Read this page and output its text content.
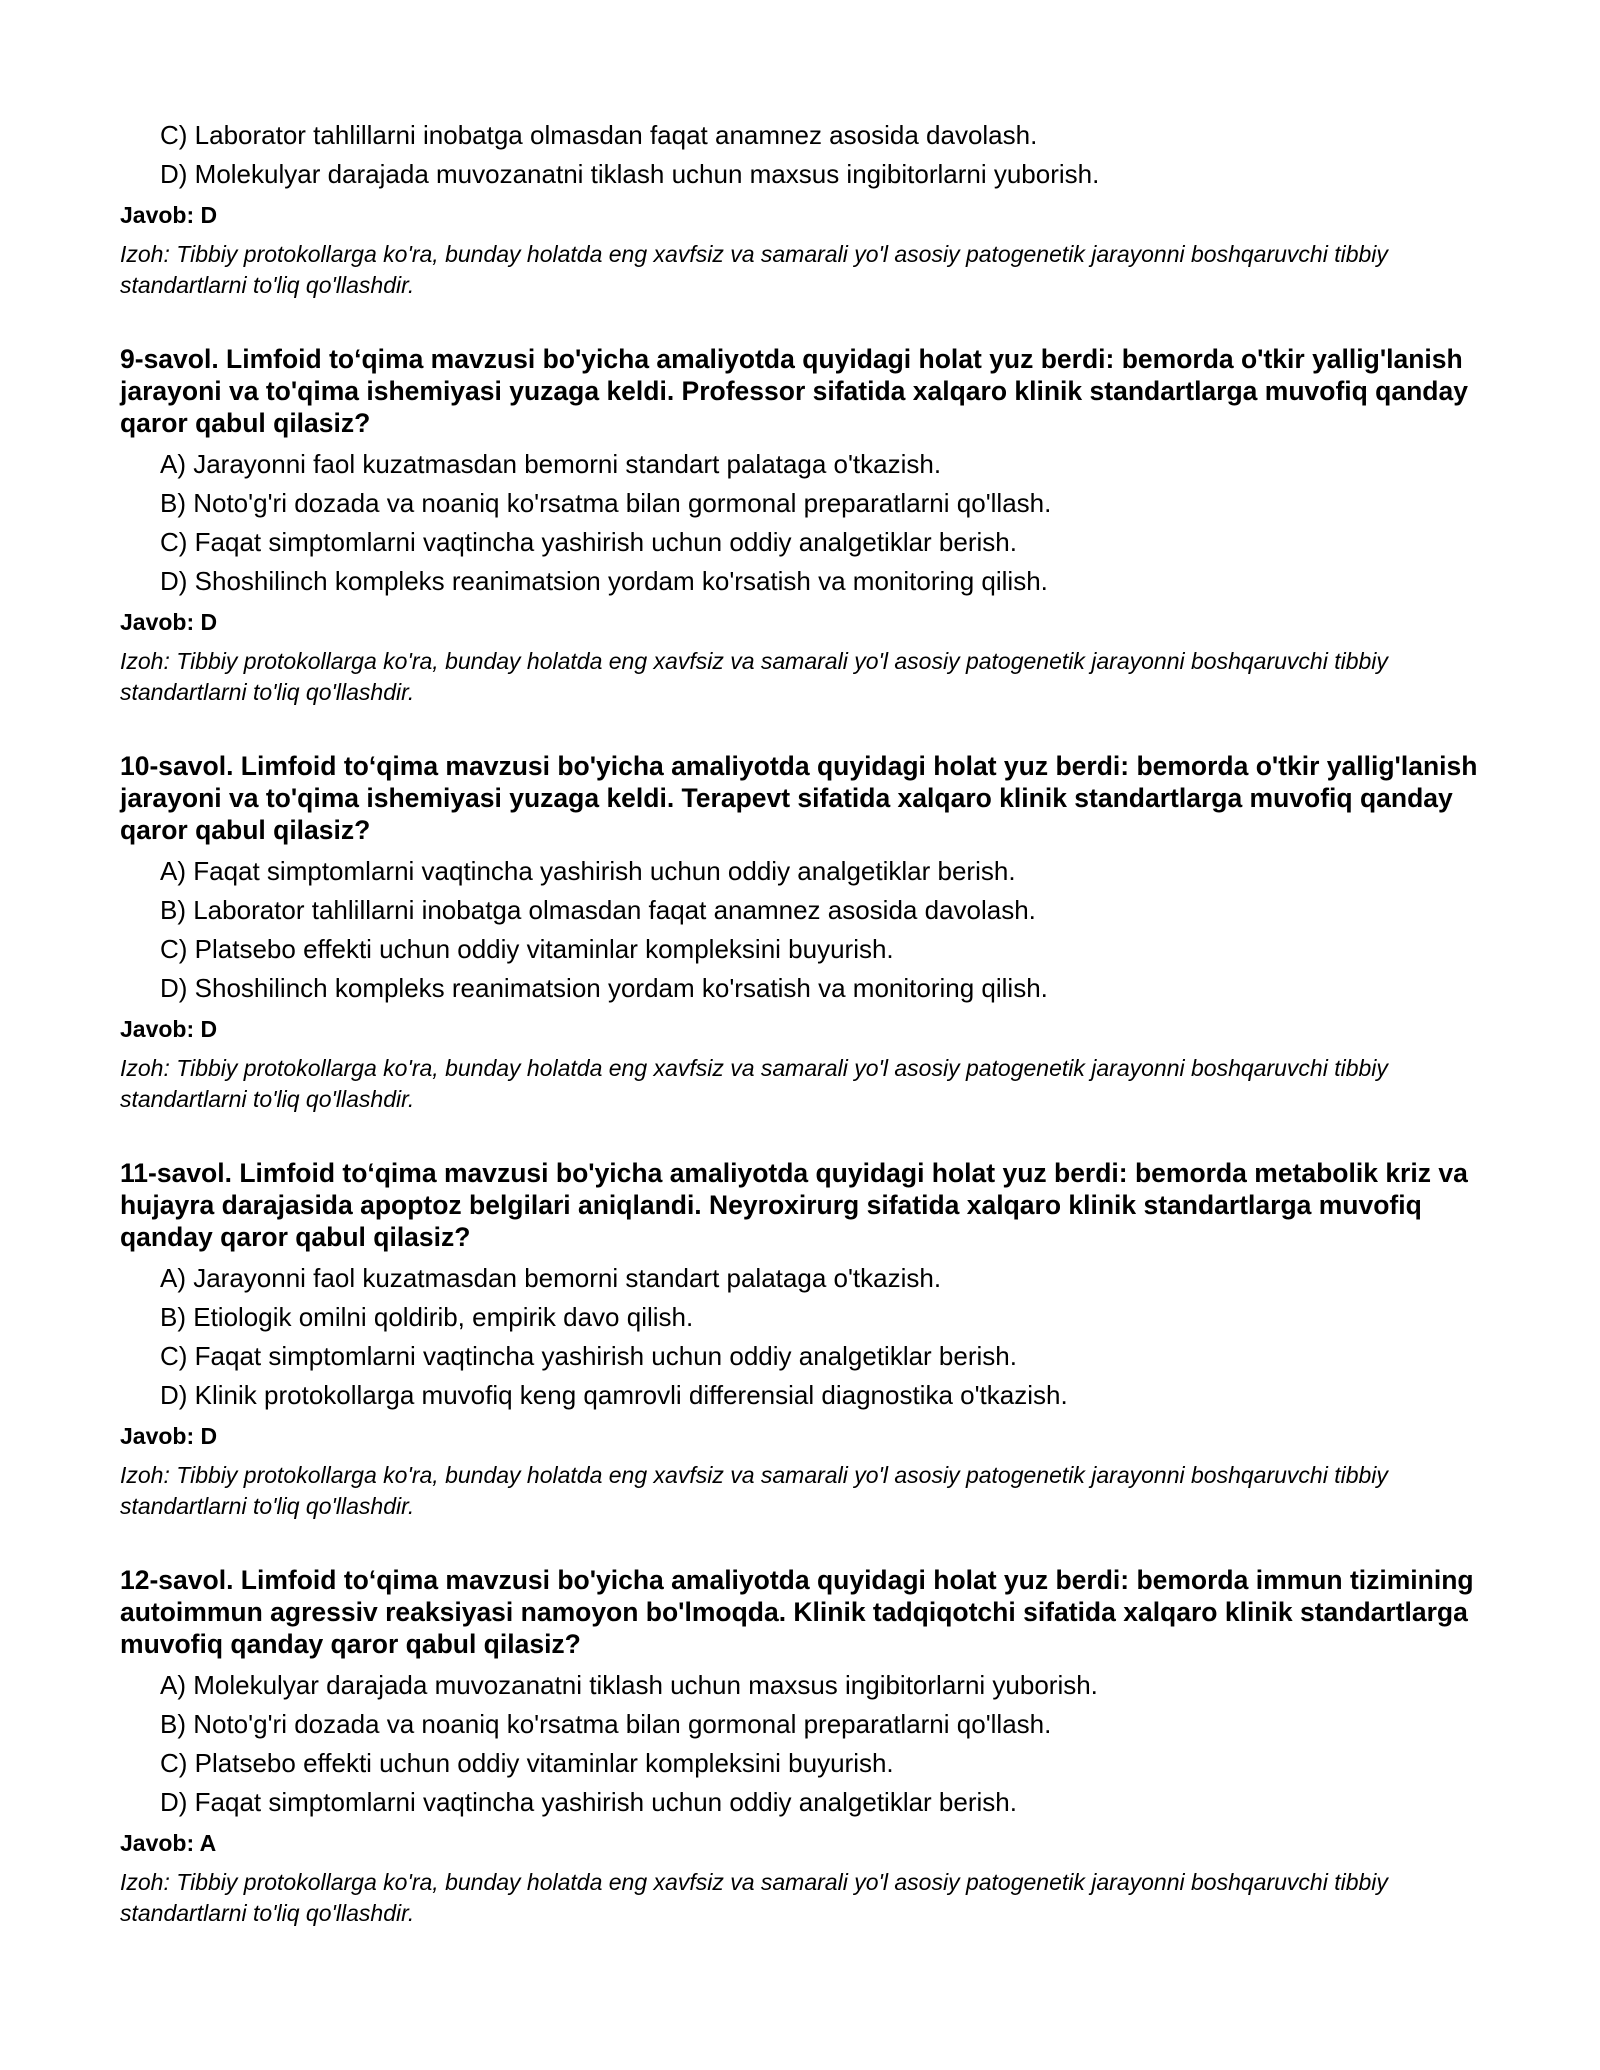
C) Laborator tahlillarni inobatga olmasdan faqat anamnez asosida davolash.
D) Molekulyar darajada muvozanatni tiklash uchun maxsus ingibitorlarni yuborish.
Javob: D
Izoh: Tibbiy protokollarga ko'ra, bunday holatda eng xavfsiz va samarali yo'l asosiy patogenetik jarayonni boshqaruvchi tibbiy standartlarni to'liq qo'llashdir.
9-savol. Limfoid to‘qima mavzusi bo'yicha amaliyotda quyidagi holat yuz berdi: bemorda o'tkir yallig'lanish jarayoni va to'qima ishemiyasi yuzaga keldi. Professor sifatida xalqaro klinik standartlarga muvofiq qanday qaror qabul qilasiz?
A) Jarayonni faol kuzatmasdan bemorni standart palataga o'tkazish.
B) Noto'g'ri dozada va noaniq ko'rsatma bilan gormonal preparatlarni qo'llash.
C) Faqat simptomlarni vaqtincha yashirish uchun oddiy analgetiklar berish.
D) Shoshilinch kompleks reanimatsion yordam ko'rsatish va monitoring qilish.
Javob: D
Izoh: Tibbiy protokollarga ko'ra, bunday holatda eng xavfsiz va samarali yo'l asosiy patogenetik jarayonni boshqaruvchi tibbiy standartlarni to'liq qo'llashdir.
10-savol. Limfoid to‘qima mavzusi bo'yicha amaliyotda quyidagi holat yuz berdi: bemorda o'tkir yallig'lanish jarayoni va to'qima ishemiyasi yuzaga keldi. Terapevt sifatida xalqaro klinik standartlarga muvofiq qanday qaror qabul qilasiz?
A) Faqat simptomlarni vaqtincha yashirish uchun oddiy analgetiklar berish.
B) Laborator tahlillarni inobatga olmasdan faqat anamnez asosida davolash.
C) Platsebo effekti uchun oddiy vitaminlar kompleksini buyurish.
D) Shoshilinch kompleks reanimatsion yordam ko'rsatish va monitoring qilish.
Javob: D
Izoh: Tibbiy protokollarga ko'ra, bunday holatda eng xavfsiz va samarali yo'l asosiy patogenetik jarayonni boshqaruvchi tibbiy standartlarni to'liq qo'llashdir.
11-savol. Limfoid to‘qima mavzusi bo'yicha amaliyotda quyidagi holat yuz berdi: bemorda metabolik kriz va hujayra darajasida apoptoz belgilari aniqlandi. Neyroxirurg sifatida xalqaro klinik standartlarga muvofiq qanday qaror qabul qilasiz?
A) Jarayonni faol kuzatmasdan bemorni standart palataga o'tkazish.
B) Etiologik omilni qoldirib, empirik davo qilish.
C) Faqat simptomlarni vaqtincha yashirish uchun oddiy analgetiklar berish.
D) Klinik protokollarga muvofiq keng qamrovli differensial diagnostika o'tkazish.
Javob: D
Izoh: Tibbiy protokollarga ko'ra, bunday holatda eng xavfsiz va samarali yo'l asosiy patogenetik jarayonni boshqaruvchi tibbiy standartlarni to'liq qo'llashdir.
12-savol. Limfoid to‘qima mavzusi bo'yicha amaliyotda quyidagi holat yuz berdi: bemorda immun tizimining autoimmun agressiv reaksiyasi namoyon bo'lmoqda. Klinik tadqiqotchi sifatida xalqaro klinik standartlarga muvofiq qanday qaror qabul qilasiz?
A) Molekulyar darajada muvozanatni tiklash uchun maxsus ingibitorlarni yuborish.
B) Noto'g'ri dozada va noaniq ko'rsatma bilan gormonal preparatlarni qo'llash.
C) Platsebo effekti uchun oddiy vitaminlar kompleksini buyurish.
D) Faqat simptomlarni vaqtincha yashirish uchun oddiy analgetiklar berish.
Javob: A
Izoh: Tibbiy protokollarga ko'ra, bunday holatda eng xavfsiz va samarali yo'l asosiy patogenetik jarayonni boshqaruvchi tibbiy standartlarni to'liq qo'llashdir.
